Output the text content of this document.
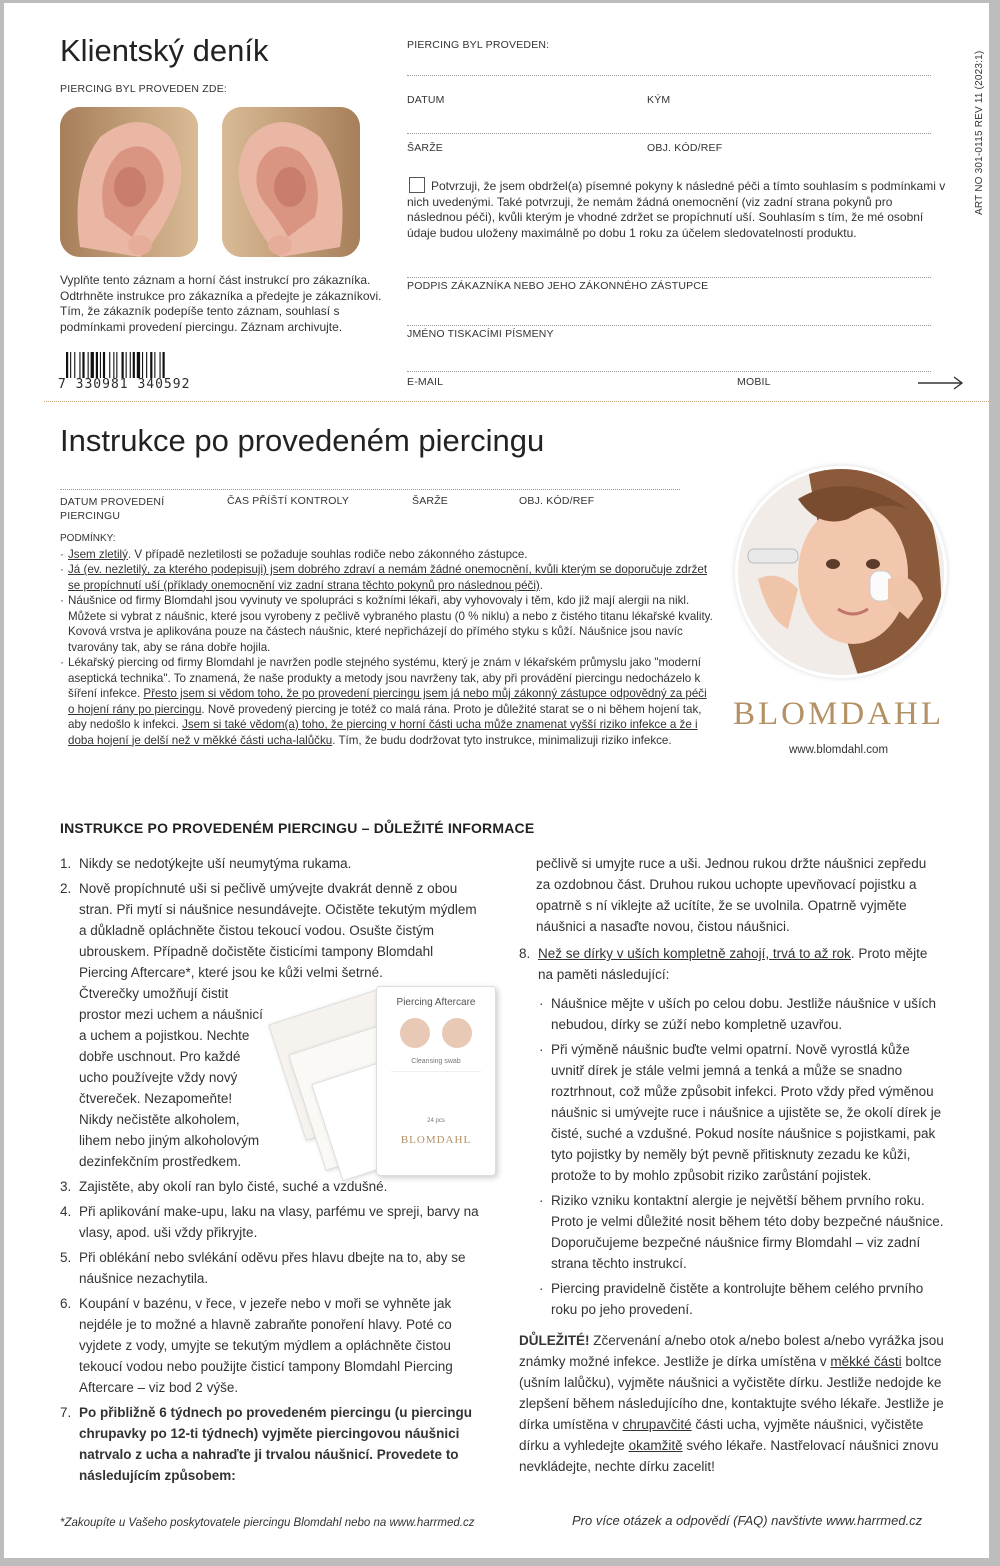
Klientský deník
PIERCING BYL PROVEDEN ZDE:
Vyplňte tento záznam a horní část instrukcí pro zákazníka. Odtrhněte instrukce pro zákazníka a předejte je zákazníkovi. Tím, že zákazník podepíše tento záznam, souhlasí s podmínkami provedení piercingu. Záznam archivujte.
7 330981 340592
PIERCING BYL PROVEDEN:
DATUM	KÝM
ŠARŽE	OBJ. KÓD/REF
Potvrzuji, že jsem obdržel(a) písemné pokyny k následné péči a tímto souhlasím s podmínkami v nich uvedenými. Také potvrzuji, že nemám žádná onemocnění (viz zadní strana pokynů pro následnou péči), kvůli kterým je vhodné zdržet se propíchnutí uší. Souhlasím s tím, že mé osobní údaje budou uloženy maximálně po dobu 1 roku za účelem sledovatelnosti produktu.
PODPIS ZÁKAZNÍKA NEBO JEHO ZÁKONNÉHO ZÁSTUPCE
JMÉNO TISKACÍMI PÍSMENY
E-MAIL	MOBIL
ART NO 301-0115 REV 11 (2023:1)
Instrukce po provedeném piercingu
DATUM PROVEDENÍ PIERCINGU
ČAS PŘÍŠTÍ KONTROLY	ŠARŽE	OBJ. KÓD/REF
PODMÍNKY:
· Jsem zletilý. V případě nezletilosti se požaduje souhlas rodiče nebo zákonného zástupce.
· Já (ev. nezletilý, za kterého podepisuji) jsem dobrého zdraví a nemám žádné onemocnění, kvůli kterým se doporučuje zdržet se propíchnutí uší (příklady onemocnění viz zadní strana těchto pokynů pro následnou péči).
· Náušnice od firmy Blomdahl jsou vyvinuty ve spolupráci s kožními lékaři, aby vyhovovaly i těm, kdo již mají alergii na nikl. Můžete si vybrat z náušnic, které jsou vyrobeny z pečlivě vybraného plastu (0 % niklu) a nebo z čistého titanu lékařské kvality. Kovová vrstva je aplikována pouze na částech náušnic, které nepřicházejí do přímého styku s kůží. Náušnice jsou navíc tvarovány tak, aby se rána dobře hojila.
· Lékařský piercing od firmy Blomdahl je navržen podle stejného systému, který je znám v lékařském průmyslu jako "moderní aseptická technika". To znamená, že naše produkty a metody jsou navrženy tak, aby při provádění piercingu nedocházelo k šíření infekce. Přesto jsem si vědom toho, že po provedení piercingu jsem já nebo můj zákonný zástupce odpovědný za péči o hojení rány po piercingu. Nově provedený piercing je totéž co malá rána. Proto je důležité starat se o ni během hojení tak, aby nedošlo k infekci. Jsem si také vědom(a) toho, že piercing v horní části ucha může znamenat vyšší riziko infekce a že i doba hojení je delší než v měkké části ucha-lalůčku. Tím, že budu dodržovat tyto instrukce, minimalizuji riziko infekce.
BLOMDAHL
www.blomdahl.com
INSTRUKCE PO PROVEDENÉM PIERCINGU – DŮLEŽITÉ INFORMACE
1. Nikdy se nedotýkejte uší neumytýma rukama.
2. Nově propíchnuté uši si pečlivě umývejte dvakrát denně z obou stran. Při mytí si náušnice nesundávejte. Očistěte tekutým mýdlem a důkladně opláchněte čistou tekoucí vodou. Osušte čistým ubrouskem. Případně dočistěte čisticími tampony Blomdahl Piercing Aftercare*, které jsou ke kůži velmi šetrné.
Čtverečky umožňují čistit prostor mezi uchem a náušnicí a uchem a pojistkou. Nechte dobře uschnout. Pro každé ucho používejte vždy nový čtvereček. Nezapomeňte! Nikdy nečistěte alkoholem, lihem nebo jiným alkoholovým dezinfekčním prostředkem.
3. Zajistěte, aby okolí ran bylo čisté, suché a vzdušné.
4. Při aplikování make-upu, laku na vlasy, parfému ve spreji, barvy na vlasy, apod. uši vždy přikryjte.
5. Při oblékání nebo svlékání oděvu přes hlavu dbejte na to, aby se náušnice nezachytila.
6. Koupání v bazénu, v řece, v jezeře nebo v moři se vyhněte jak nejdéle je to možné a hlavně zabraňte ponoření hlavy. Poté co vyjdete z vody, umyjte se tekutým mýdlem a opláchněte čistou tekoucí vodou nebo použijte čisticí tampony Blomdahl Piercing Aftercare – viz bod 2 výše.
7. Po přibližně 6 týdnech po provedeném piercingu (u piercingu chrupavky po 12-ti týdnech) vyjměte piercingovou náušnici natrvalo z ucha a nahraďte ji trvalou náušnicí. Provedete to následujícím způsobem:
Piercing Aftercare
Cleansing swab
24 pcs
BLOMDAHL
pečlivě si umyjte ruce a uši. Jednou rukou držte náušnici zepředu za ozdobnou část. Druhou rukou uchopte upevňovací pojistku a opatrně s ní viklejte až ucítíte, že se uvolnila. Opatrně vyjměte náušnici a nasaďte novou, čistou náušnici.
8. Než se dírky v uších kompletně zahojí, trvá to až rok. Proto mějte na paměti následující:
· Náušnice mějte v uších po celou dobu. Jestliže náušnice v uších nebudou, dírky se zúží nebo kompletně uzavřou.
· Při výměně náušnic buďte velmi opatrní. Nově vyrostlá kůže uvnitř dírek je stále velmi jemná a tenká a může se snadno roztrhnout, což může způsobit infekci. Proto vždy před výměnou náušnic si umývejte ruce i náušnice a ujistěte se, že okolí dírek je čisté, suché a vzdušné. Pokud nosíte náušnice s pojistkami, pak tyto pojistky by neměly být pevně přitisknuty zezadu ke kůži, protože to by mohlo způsobit riziko zarůstání pojistek.
· Riziko vzniku kontaktní alergie je největší během prvního roku. Proto je velmi důležité nosit během této doby bezpečné náušnice. Doporučujeme bezpečné náušnice firmy Blomdahl – viz zadní strana těchto instrukcí.
· Piercing pravidelně čistěte a kontrolujte během celého prvního roku po jeho provedení.
DŮLEŽITÉ! Zčervenání a/nebo otok a/nebo bolest a/nebo vyrážka jsou známky možné infekce. Jestliže je dírka umístěna v měkké části boltce (ušním lalůčku), vyjměte náušnici a vyčistěte dírku. Jestliže nedojde ke zlepšení během následujícího dne, kontaktujte svého lékaře. Jestliže je dírka umístěna v chrupavčité části ucha, vyjměte náušnici, vyčistěte dírku a vyhledejte okamžitě svého lékaře. Nastřelovací náušnici znovu nevkládejte, nechte dírku zacelit!
*Zakoupíte u Vašeho poskytovatele piercingu Blomdahl nebo na www.harrmed.cz	Pro více otázek a odpovědí (FAQ) navštivte www.harrmed.cz
